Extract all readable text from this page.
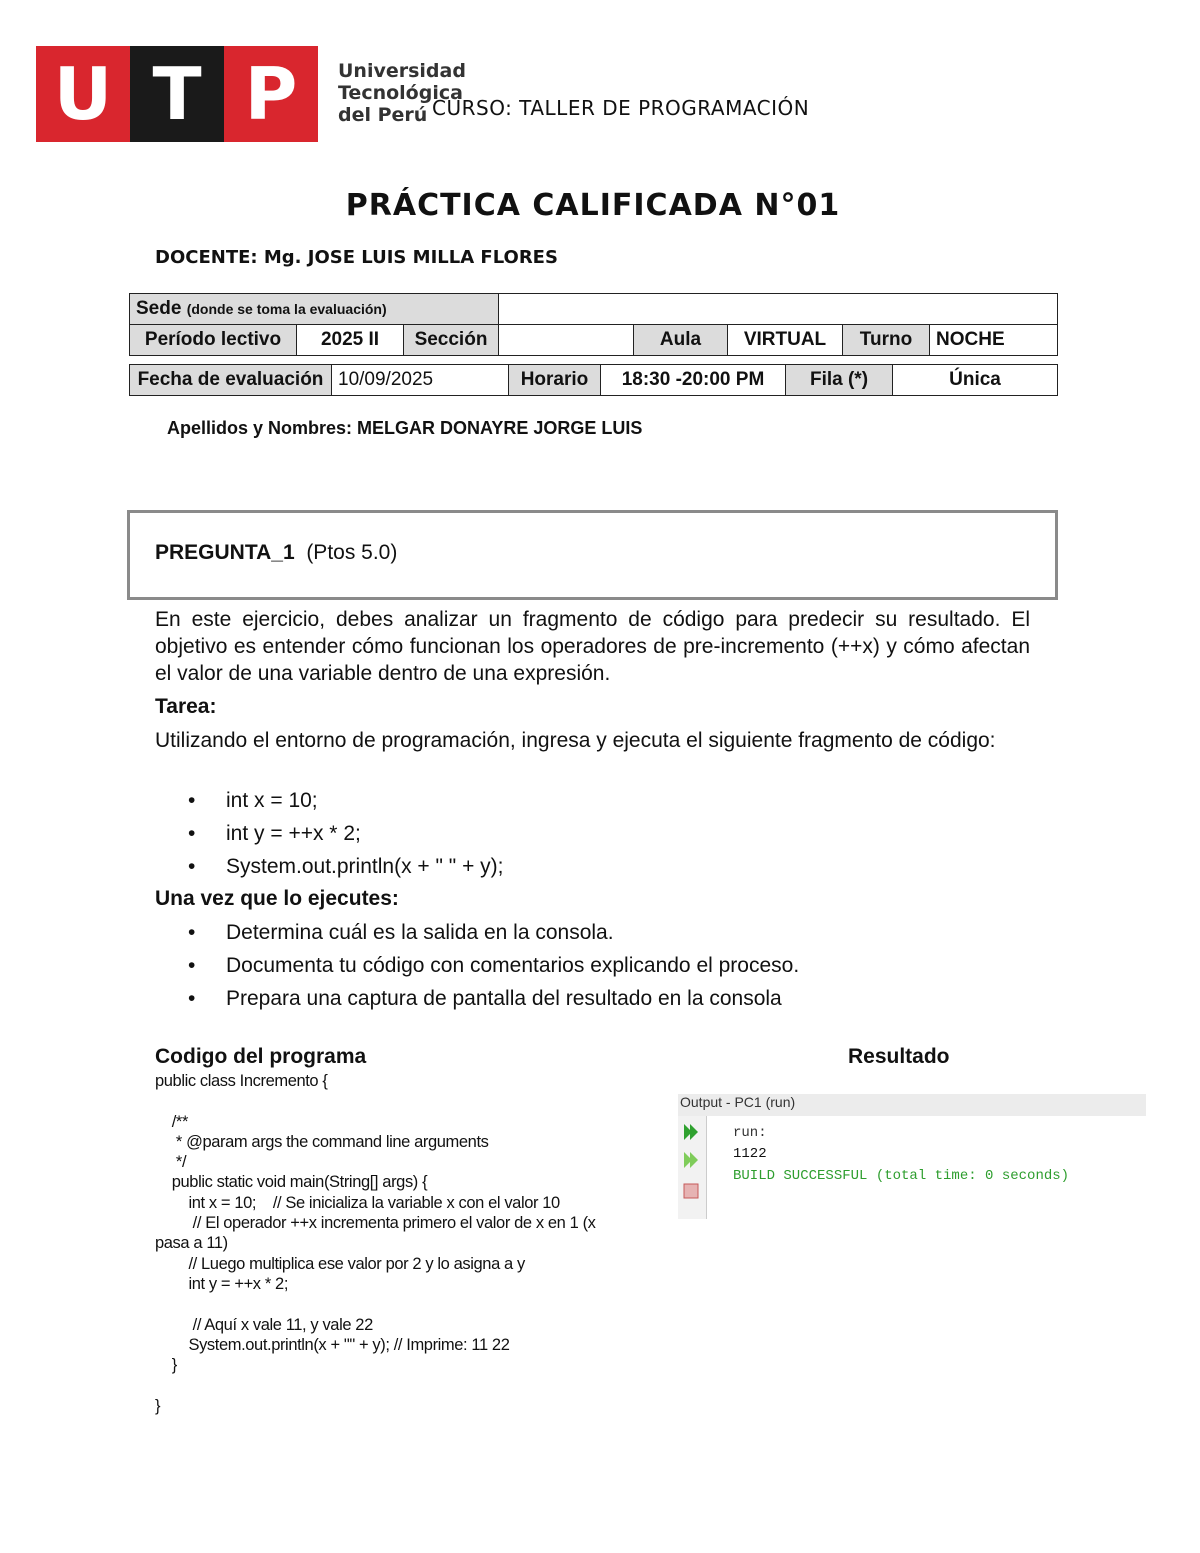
U T P	Universidad
Tecnológica
del Perú CURSO: TALLER DE PROGRAMACIÓN
PRÁCTICA CALIFICADA N°01
DOCENTE: Mg. JOSE LUIS MILLA FLORES
Sede (donde se toma la evaluación)							
Período lectivo	2025 II	Sección		Aula	VIRTUAL	Turno	NOCHE
Fecha de evaluación	10/09/2025	Horario	18:30 -20:00 PM	Fila (*)	Única
Apellidos y Nombres: MELGAR DONAYRE JORGE LUIS
PREGUNTA_1 (Ptos 5.0)
En este ejercicio, debes analizar un fragmento de código para predecir su resultado. El objetivo es entender cómo funcionan los operadores de pre-incremento (++x) y cómo afectan el valor de una variable dentro de una expresión.
Tarea:
Utilizando el entorno de programación, ingresa y ejecuta el siguiente fragmento de código:
• int x = 10;
• int y = ++x * 2;
• System.out.println(x + " " + y);
Una vez que lo ejecutes:
• Determina cuál es la salida en la consola.
• Documenta tu código con comentarios explicando el proceso.
• Prepara una captura de pantalla del resultado en la consola
Codigo del programa	Resultado
public class Incremento {

/**
* @param args the command line arguments
*/
public static void main(String[] args) {
int x = 10;    // Se inicializa la variable x con el valor 10
// El operador ++x incrementa primero el valor de x en 1 (x
pasa a 11)
// Luego multiplica ese valor por 2 y lo asigna a y
int y = ++x * 2;

// Aquí x vale 11, y vale 22
System.out.println(x + "" + y); // Imprime: 11 22
}

}
Output - PC1 (run)
run:
1122
BUILD SUCCESSFUL (total time: 0 seconds)
